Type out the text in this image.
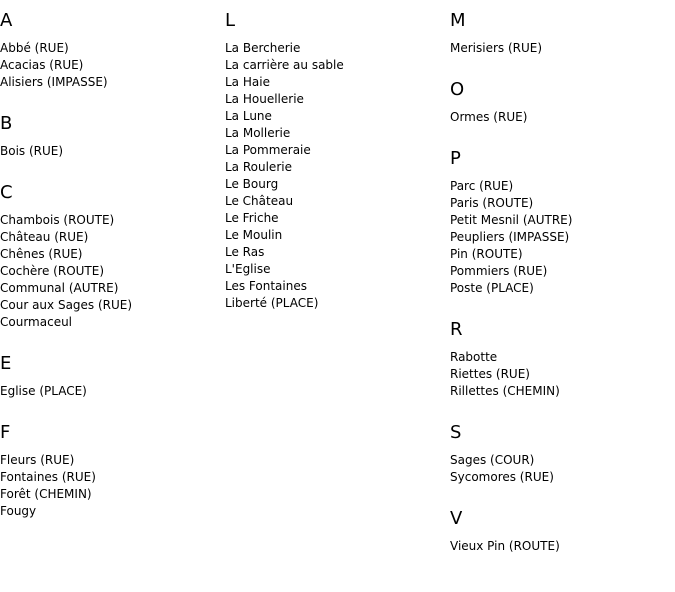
A
Abbé (RUE)
Acacias (RUE)
Alisiers (IMPASSE)
B
Bois (RUE)
C
Chambois (ROUTE)
Château (RUE)
Chênes (RUE)
Cochère (ROUTE)
Communal (AUTRE)
Cour aux Sages (RUE)
Courmaceul
E
Eglise (PLACE)
F
Fleurs (RUE)
Fontaines (RUE)
Forêt (CHEMIN)
Fougy
L
La Bercherie
La carrière au sable
La Haie
La Houellerie
La Lune
La Mollerie
La Pommeraie
La Roulerie
Le Bourg
Le Château
Le Friche
Le Moulin
Le Ras
L'Eglise
Les Fontaines
Liberté (PLACE)
M
Merisiers (RUE)
O
Ormes (RUE)
P
Parc (RUE)
Paris (ROUTE)
Petit Mesnil (AUTRE)
Peupliers (IMPASSE)
Pin (ROUTE)
Pommiers (RUE)
Poste (PLACE)
R
Rabotte
Riettes (RUE)
Rillettes (CHEMIN)
S
Sages (COUR)
Sycomores (RUE)
V
Vieux Pin (ROUTE)
